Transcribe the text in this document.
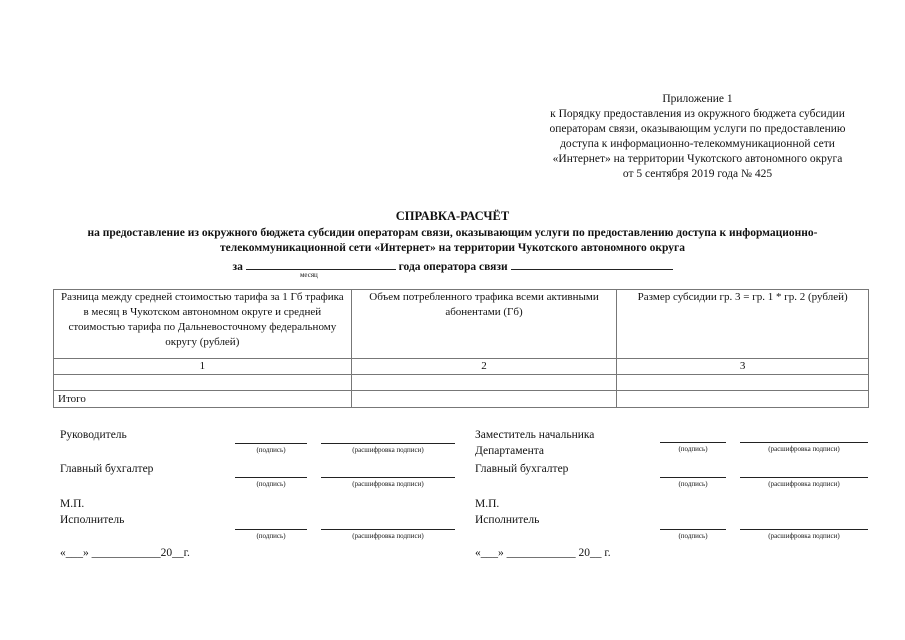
Приложение 1
к Порядку предоставления из окружного бюджета субсидии
операторам связи, оказывающим услуги по предоставлению
доступа к информационно-телекоммуникационной сети
«Интернет» на территории Чукотского автономного округа
от 5 сентября 2019 года № 425
СПРАВКА-РАСЧЁТ
на предоставление из окружного бюджета субсидии операторам связи, оказывающим услуги по предоставлению доступа к информационно-
телекоммуникационной сети «Интернет» на территории Чукотского автономного округа
за	года оператора связи
месяц
Разница между средней стоимостью тарифа за 1 Гб трафика в месяц в Чукотском автономном округе и средней стоимостью тарифа по Дальневосточному федеральному округу (рублей)	Объем потребленного трафика всеми активными абонентами (Гб)	Размер субсидии гр. 3 = гр. 1 * гр. 2 (рублей)
1	2	3

Итого		
Руководитель
(подпись)	(расшифровка подписи)
Главный бухгалтер
(подпись)	(расшифровка подписи)
М.П.
Исполнитель
(подпись)	(расшифровка подписи)
«___» ____________20__г.
Заместитель начальника
Департамента	(подпись)	(расшифровка подписи)
Главный бухгалтер
(подпись)	(расшифровка подписи)
М.П.
Исполнитель
(подпись)	(расшифровка подписи)
«___» ____________ 20__ г.
